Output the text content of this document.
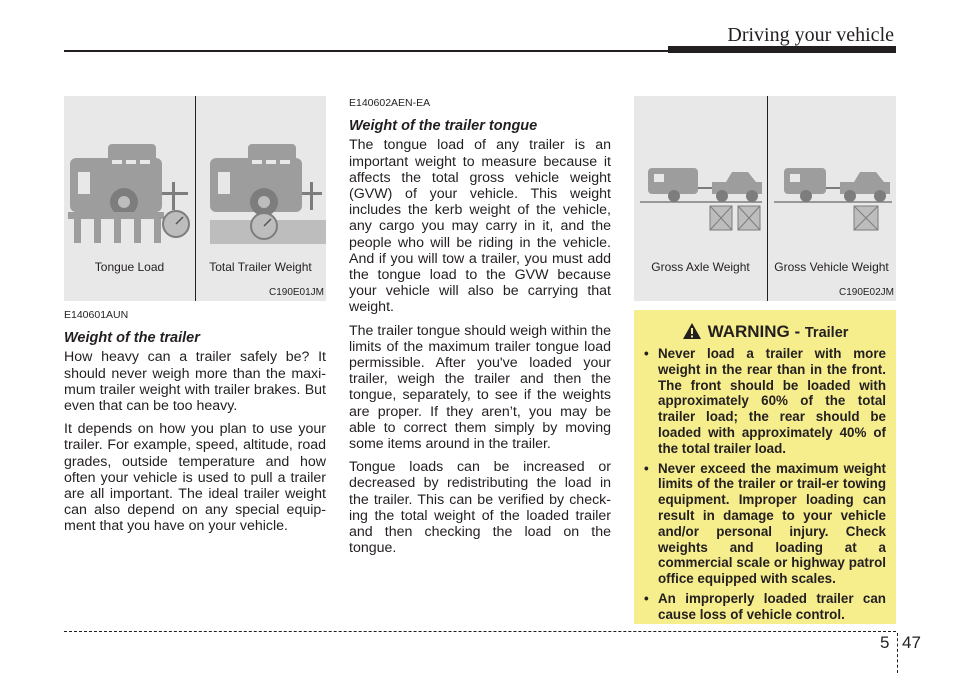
Driving your vehicle
Tongue Load	Total Trailer Weight
C190E01JM
Gross Axle Weight	Gross Vehicle Weight
C190E02JM
E140601AUN
Weight of the trailer

How heavy can a trailer safely be? It should never weigh more than the maxi-mum trailer weight with trailer brakes. But even that can be too heavy.

It depends on how you plan to use your trailer. For example, speed, altitude, road grades, outside temperature and how often your vehicle is used to pull a trailer are all important. The ideal trailer weight can also depend on any special equip-ment that you have on your vehicle.

E140602AEN-EA
Weight of the trailer tongue

The tongue load of any trailer is an important weight to measure because it affects the total gross vehicle weight (GVW) of your vehicle. This weight includes the kerb weight of the vehicle, any cargo you may carry in it, and the people who will be riding in the vehicle. And if you will tow a trailer, you must add the tongue load to the GVW because your vehicle will also be carrying that weight.

The trailer tongue should weigh within the limits of the maximum trailer tongue load permissible. After you've loaded your trailer, weigh the trailer and then the tongue, separately, to see if the weights are proper. If they aren’t, you may be able to correct them simply by moving some items around in the trailer.

Tongue loads can be increased or decreased by redistributing the load in the trailer. This can be verified by check-ing the total weight of the loaded trailer and then checking the load on the tongue.

WARNING - Trailer
• Never load a trailer with more weight in the rear than in the front. The front should be loaded with approximately 60% of the total trailer load; the rear should be loaded with approximately 40% of the total trailer load.
• Never exceed the maximum weight limits of the trailer or trail-er towing equipment. Improper loading can result in damage to your vehicle and/or personal injury. Check weights and loading at a commercial scale or highway patrol office equipped with scales.
• An improperly loaded trailer can cause loss of vehicle control.
5 47
